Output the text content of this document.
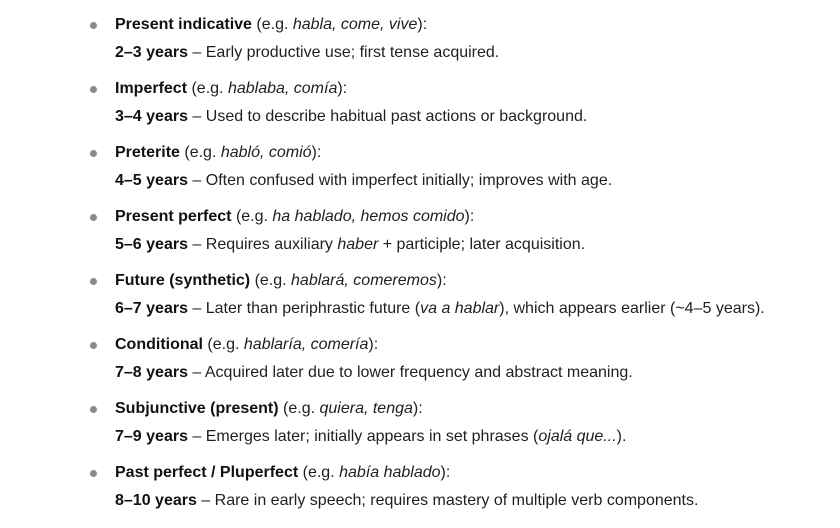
Present indicative (e.g. habla, come, vive):
2–3 years – Early productive use; first tense acquired.
Imperfect (e.g. hablaba, comía):
3–4 years – Used to describe habitual past actions or background.
Preterite (e.g. habló, comió):
4–5 years – Often confused with imperfect initially; improves with age.
Present perfect (e.g. ha hablado, hemos comido):
5–6 years – Requires auxiliary haber + participle; later acquisition.
Future (synthetic) (e.g. hablará, comeremos):
6–7 years – Later than periphrastic future (va a hablar), which appears earlier (~4–5 years).
Conditional (e.g. hablaría, comería):
7–8 years – Acquired later due to lower frequency and abstract meaning.
Subjunctive (present) (e.g. quiera, tenga):
7–9 years – Emerges later; initially appears in set phrases (ojalá que...).
Past perfect / Pluperfect (e.g. había hablado):
8–10 years – Rare in early speech; requires mastery of multiple verb components.
